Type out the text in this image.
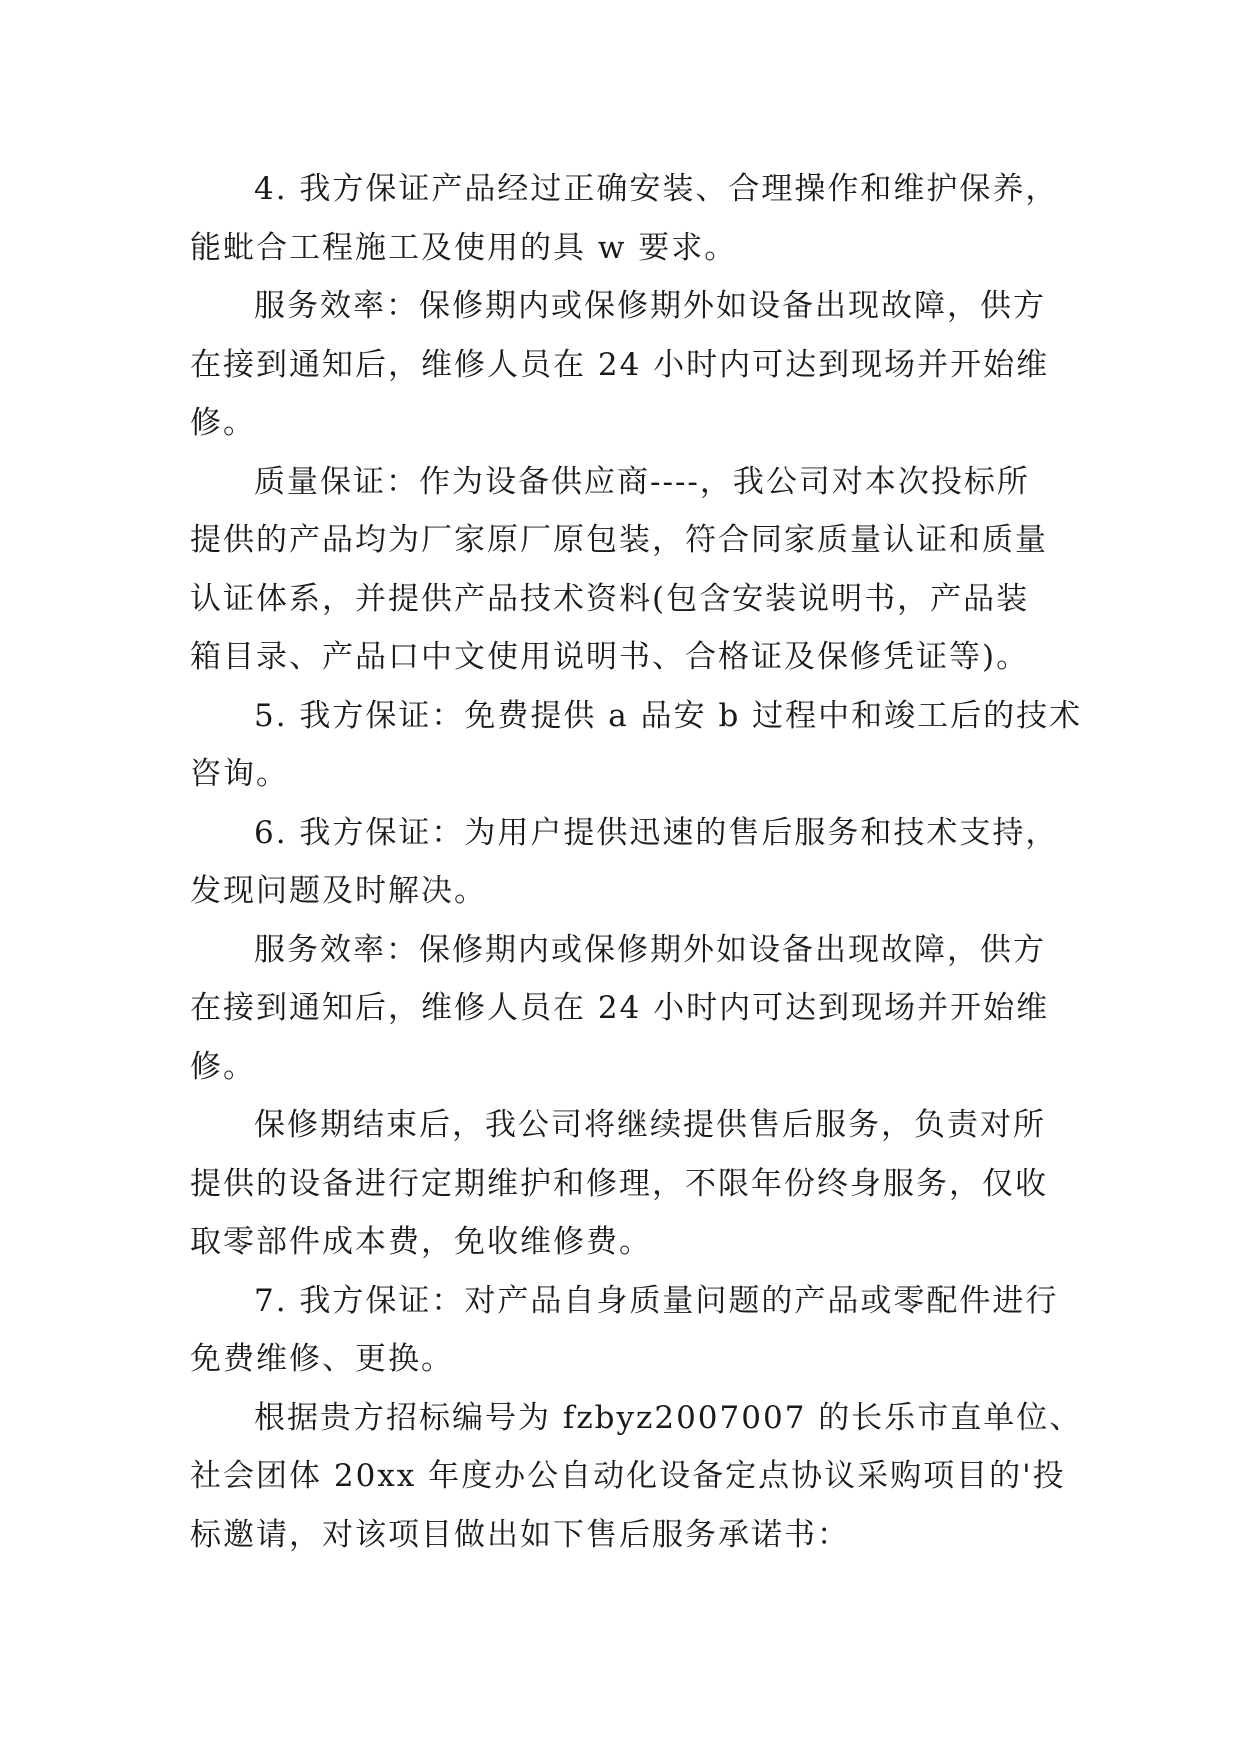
4. 我方保证产品经过正确安装、合理操作和维护保养，
能蚍合工程施工及使用的具 w 要求。

服务效率：保修期内或保修期外如设备出现故障，供方
在接到通知后，维修人员在 24 小时内可达到现场并开始维
修。

质量保证：作为设备供应商----，我公司对本次投标所
提供的产品均为厂家原厂原包装，符合同家质量认证和质量
认证体系，并提供产品技术资料(包含安装说明书，产品装
箱目录、产品口中文使用说明书、合格证及保修凭证等)。

5. 我方保证：免费提供 a 品安 b 过程中和竣工后的技术
咨询。

6. 我方保证：为用户提供迅速的售后服务和技术支持，
发现问题及时解决。

服务效率：保修期内或保修期外如设备出现故障，供方
在接到通知后，维修人员在 24 小时内可达到现场并开始维
修。

保修期结束后，我公司将继续提供售后服务，负责对所
提供的设备进行定期维护和修理，不限年份终身服务，仅收
取零部件成本费，免收维修费。

7. 我方保证：对产品自身质量问题的产品或零配件进行
免费维修、更换。

根据贵方招标编号为 fzbyz2007007 的长乐市直单位、
社会团体 20xx 年度办公自动化设备定点协议采购项目的'投
标邀请，对该项目做出如下售后服务承诺书：
